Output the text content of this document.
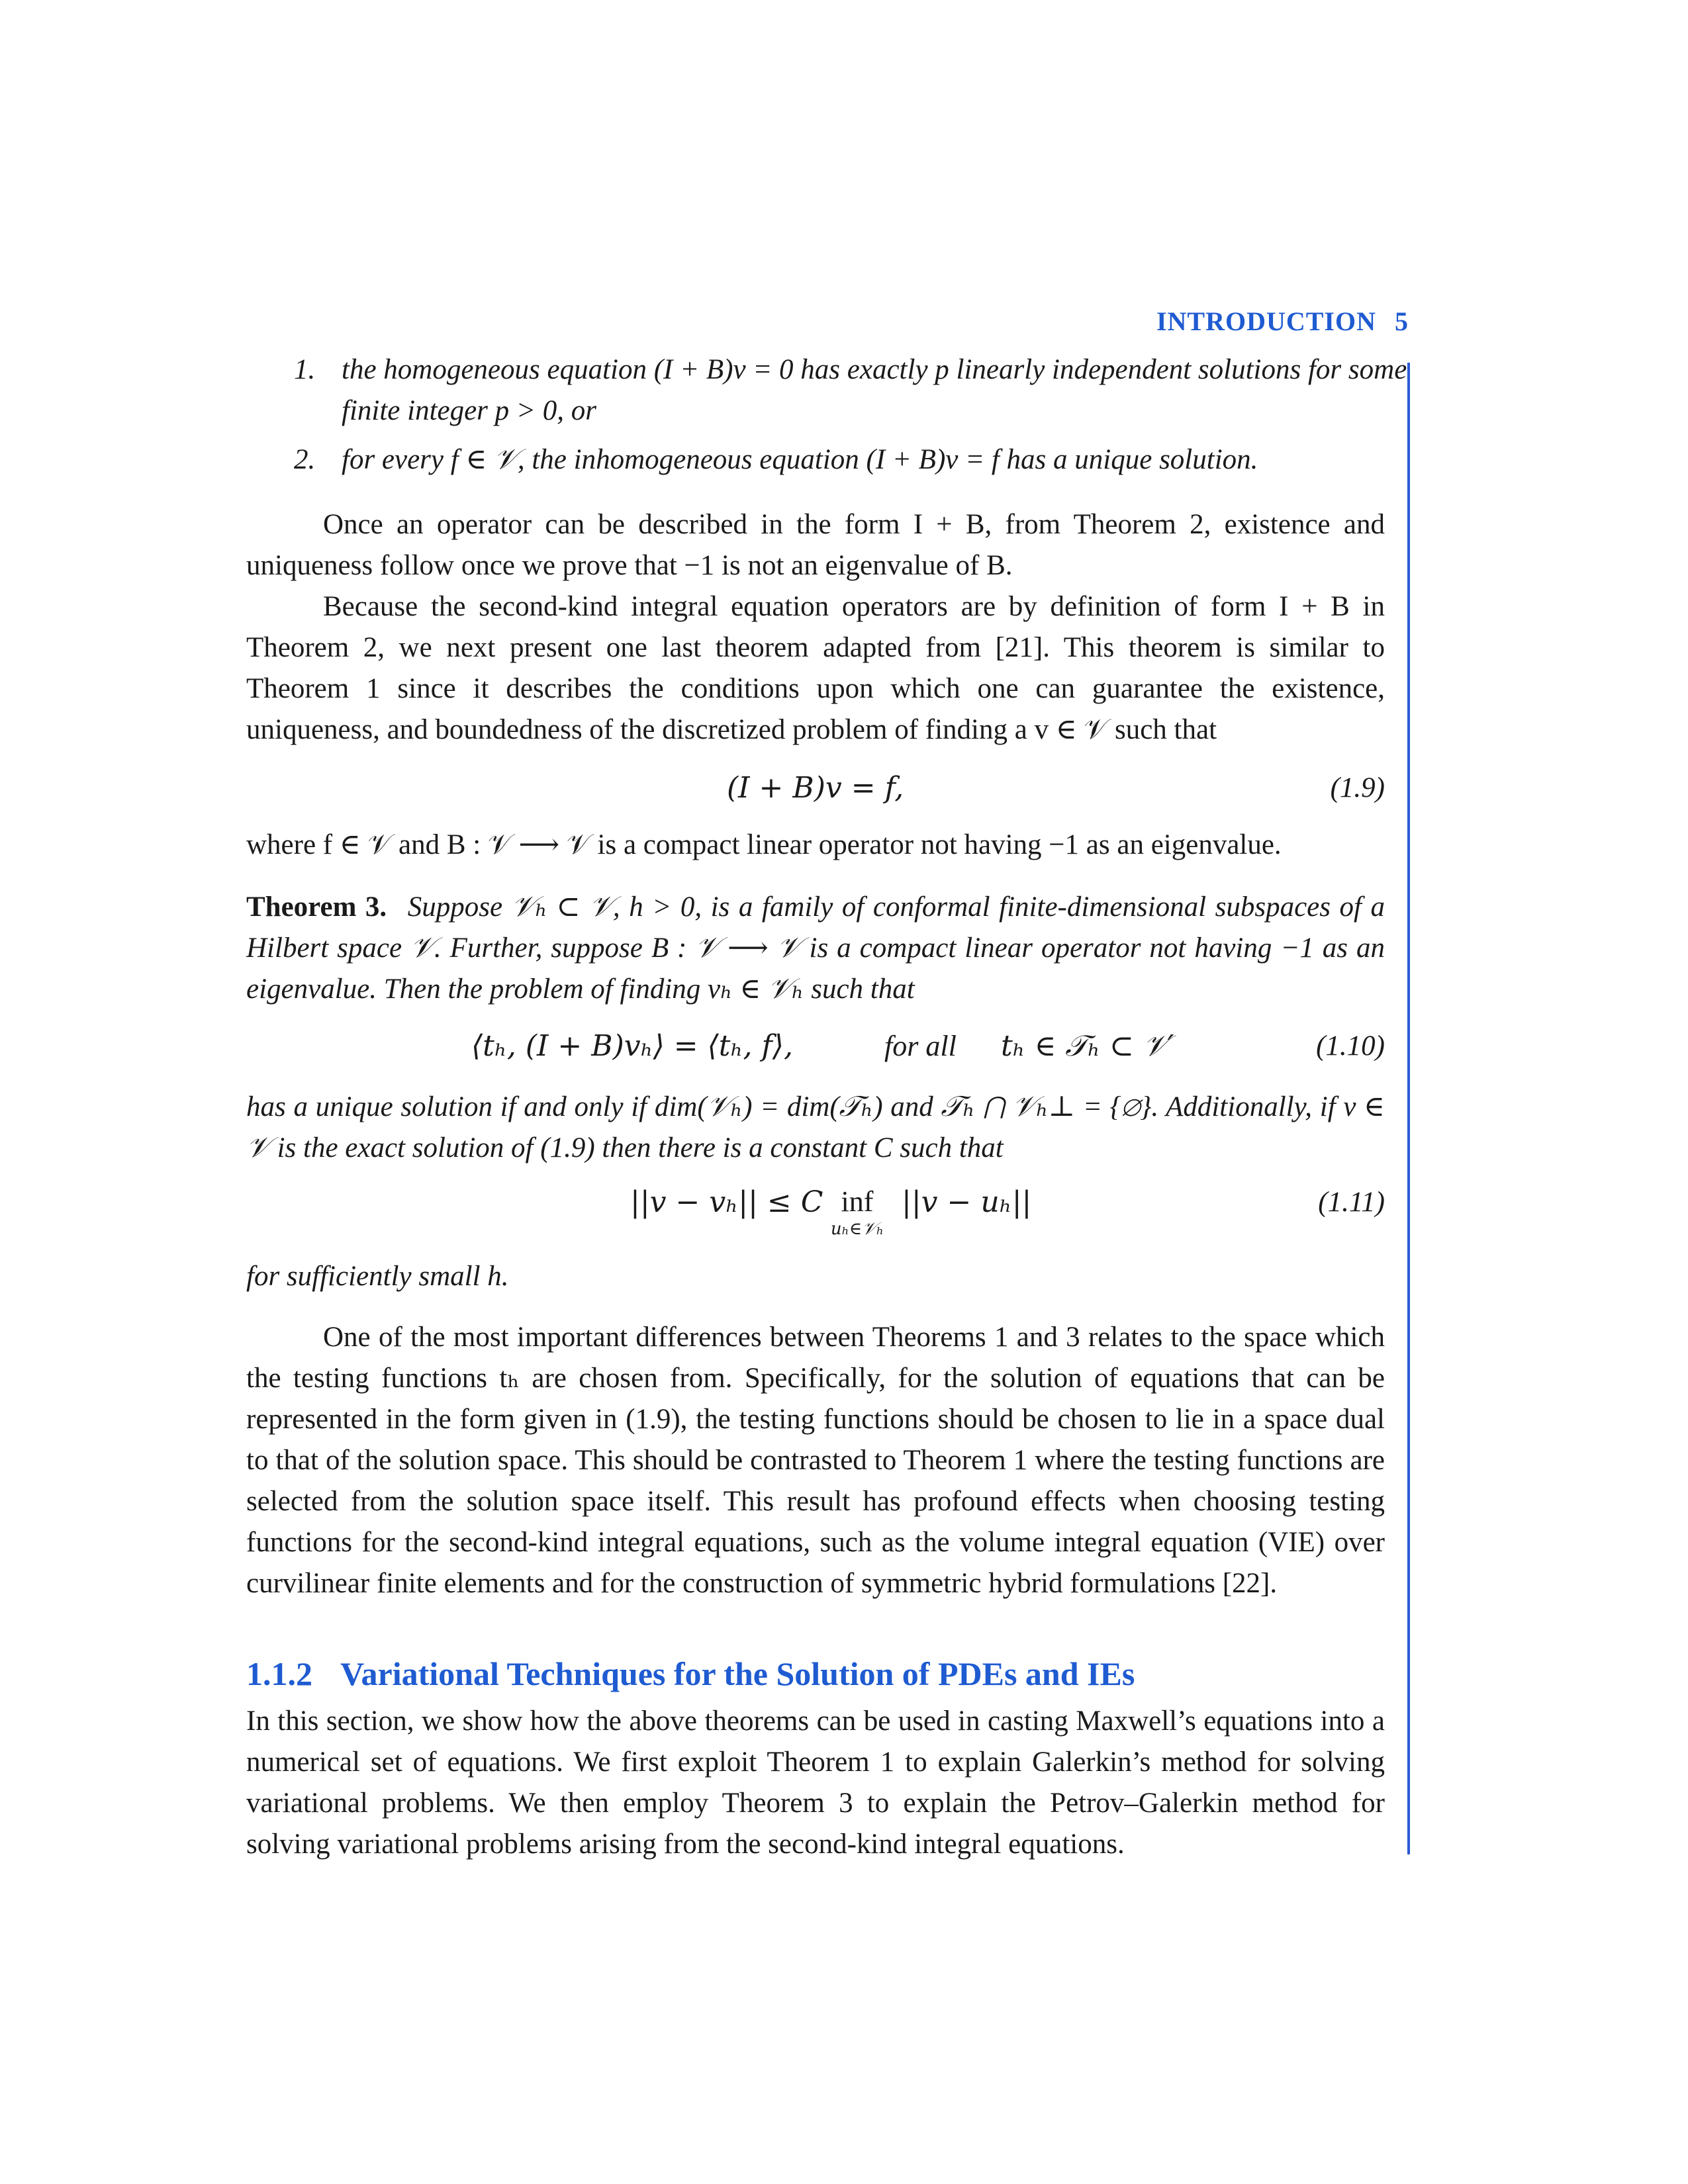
INTRODUCTION 5
1. the homogeneous equation (I + B)v = 0 has exactly p linearly independent solutions for some
finite integer p > 0, or
2. for every f ∈ 𝒱, the inhomogeneous equation (I + B)v = f has a unique solution.
Once an operator can be described in the form I + B, from Theorem 2, existence and uniqueness follow once we prove that −1 is not an eigenvalue of B.
Because the second-kind integral equation operators are by definition of form I + B in Theorem 2, we next present one last theorem adapted from [21]. This theorem is similar to Theorem 1 since it describes the conditions upon which one can guarantee the existence, uniqueness, and boundedness of the discretized problem of finding a v ∈ 𝒱 such that
(I + B)v = f,	(1.9)
where f ∈ 𝒱 and B : 𝒱 ⟶ 𝒱 is a compact linear operator not having −1 as an eigenvalue.
Theorem 3. Suppose 𝒱ₕ ⊂ 𝒱, h > 0, is a family of conformal finite-dimensional subspaces of a Hilbert space 𝒱. Further, suppose B : 𝒱 ⟶ 𝒱 is a compact linear operator not having −1 as an eigenvalue. Then the problem of finding vₕ ∈ 𝒱ₕ such that
⟨tₕ, (I + B)vₕ⟩ = ⟨tₕ, f⟩,	for all tₕ ∈ 𝒯ₕ ⊂ 𝒱′	(1.10)
has a unique solution if and only if dim(𝒱ₕ) = dim(𝒯ₕ) and 𝒯ₕ ⋂ 𝒱ₕ⊥ = {∅}. Additionally, if v ∈ 𝒱 is the exact solution of (1.9) then there is a constant C such that
||v − vₕ|| ≤ C inf
uₕ∈𝒱ₕ
||v − uₕ||	(1.11)
for sufficiently small h.
One of the most important differences between Theorems 1 and 3 relates to the space which the testing functions tₕ are chosen from. Specifically, for the solution of equations that can be represented in the form given in (1.9), the testing functions should be chosen to lie in a space dual to that of the solution space. This should be contrasted to Theorem 1 where the testing functions are selected from the solution space itself. This result has profound effects when choosing testing functions for the second-kind integral equations, such as the volume integral equation (VIE) over curvilinear finite elements and for the construction of symmetric hybrid formulations [22].
1.1.2 Variational Techniques for the Solution of PDEs and IEs
In this section, we show how the above theorems can be used in casting Maxwell’s equations into a numerical set of equations. We first exploit Theorem 1 to explain Galerkin’s method for solving variational problems. We then employ Theorem 3 to explain the Petrov–Galerkin method for solving variational problems arising from the second-kind integral equations.
